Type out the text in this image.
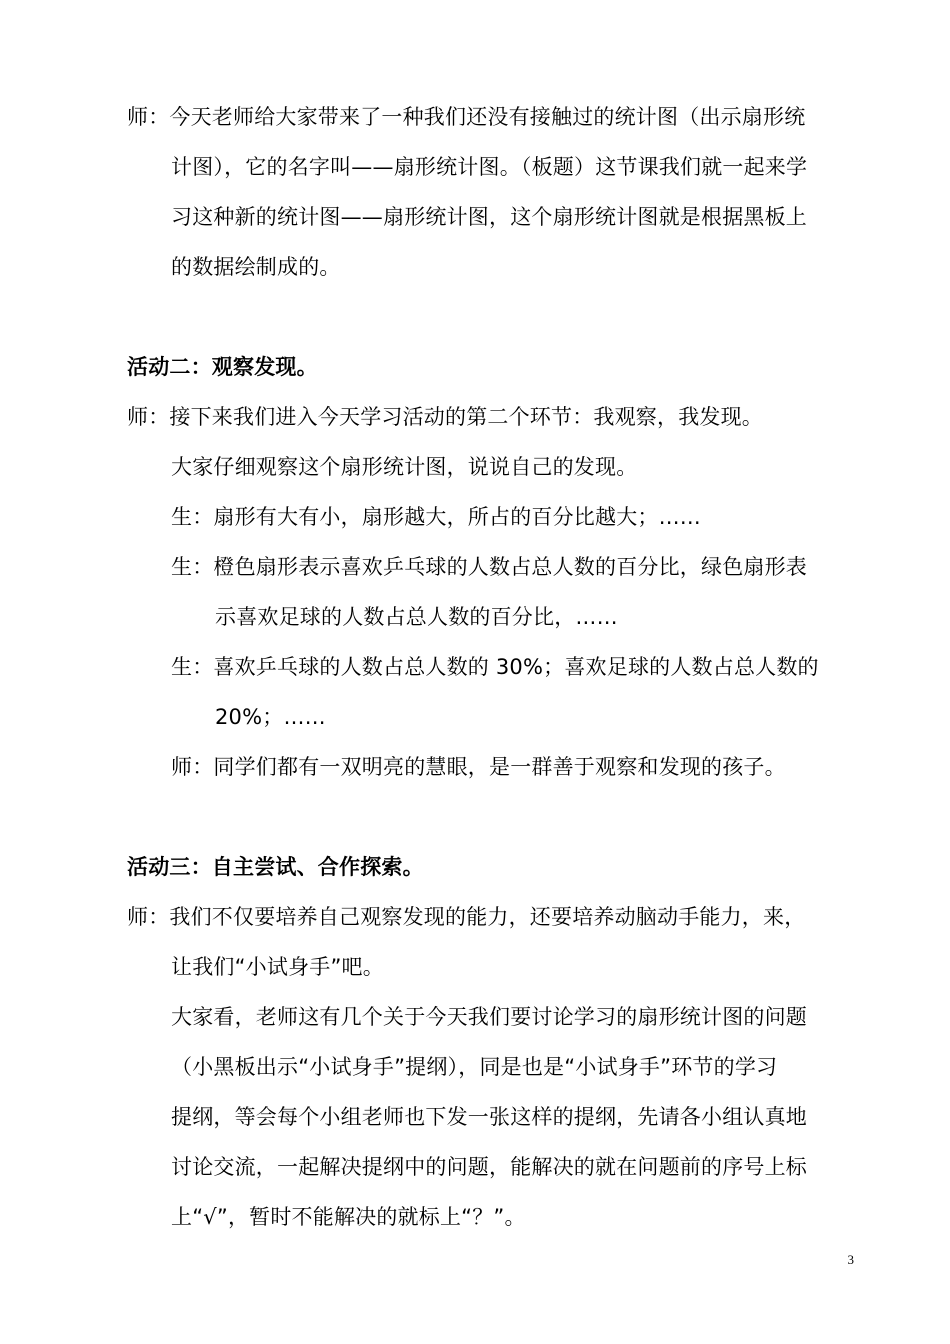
师：今天老师给大家带来了一种我们还没有接触过的统计图（出示扇形统
计图），它的名字叫——扇形统计图。（板题）这节课我们就一起来学
习这种新的统计图——扇形统计图，这个扇形统计图就是根据黑板上
的数据绘制成的。
活动二：观察发现。
师：接下来我们进入今天学习活动的第二个环节：我观察，我发现。
大家仔细观察这个扇形统计图，说说自己的发现。
生：扇形有大有小，扇形越大，所占的百分比越大；……
生：橙色扇形表示喜欢乒乓球的人数占总人数的百分比，绿色扇形表
示喜欢足球的人数占总人数的百分比，……
生：喜欢乒乓球的人数占总人数的 30%；喜欢足球的人数占总人数的
20%；……
师：同学们都有一双明亮的慧眼，是一群善于观察和发现的孩子。
活动三：自主尝试、合作探索。
师：我们不仅要培养自己观察发现的能力，还要培养动脑动手能力，来，
让我们“小试身手”吧。
大家看，老师这有几个关于今天我们要讨论学习的扇形统计图的问题
（小黑板出示“小试身手”提纲），同是也是“小试身手”环节的学习
提纲，等会每个小组老师也下发一张这样的提纲，先请各小组认真地
讨论交流，一起解决提纲中的问题，能解决的就在问题前的序号上标
上“√”，暂时不能解决的就标上“？”。
3
